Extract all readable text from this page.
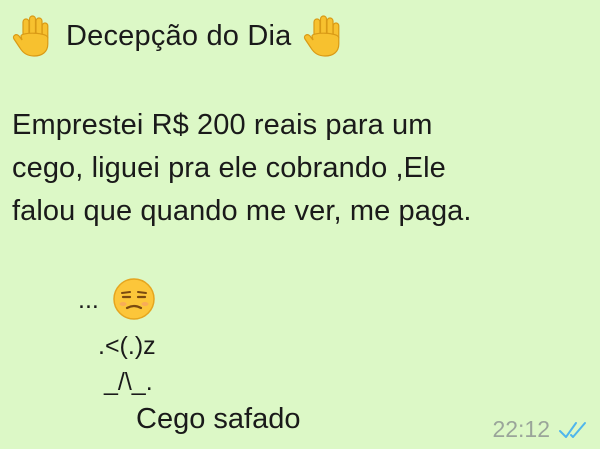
Decepção do Dia
Emprestei R$ 200 reais para um
cego, liguei pra ele cobrando ,Ele
falou que quando me ver, me paga.
...
.<(.)z
_/\_.
Cego safado	22:12
